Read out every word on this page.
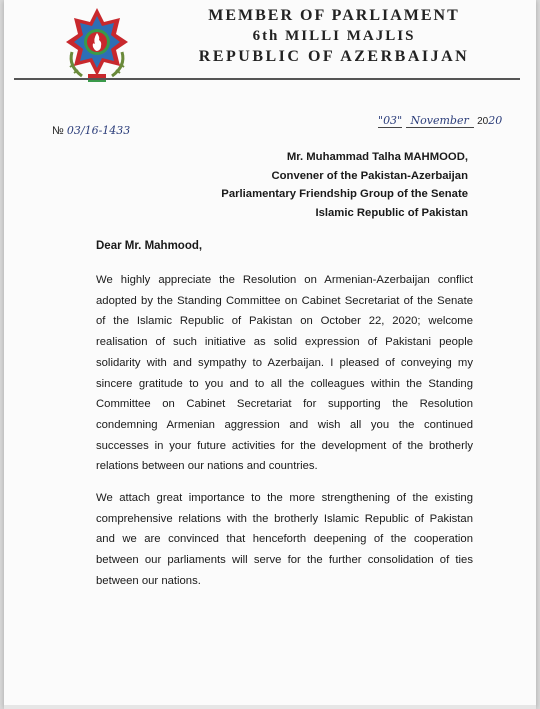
MEMBER OF PARLIAMENT
6th MILLI MAJLIS
REPUBLIC OF AZERBAIJAN
№ 03/16-1433
"03" November 2020
Mr. Muhammad Talha MAHMOOD,
Convener of the Pakistan-Azerbaijan
Parliamentary Friendship Group of the Senate
Islamic Republic of Pakistan
Dear Mr. Mahmood,

We highly appreciate the Resolution on Armenian-Azerbaijan conflict adopted by the Standing Committee on Cabinet Secretariat of the Senate of the Islamic Republic of Pakistan on October 22, 2020; welcome realisation of such initiative as solid expression of Pakistani people solidarity with and sympathy to Azerbaijan. I pleased of conveying my sincere gratitude to you and to all the colleagues within the Standing Committee on Cabinet Secretariat for supporting the Resolution condemning Armenian aggression and wish all you the continued successes in your future activities for the development of the brotherly relations between our nations and countries.

We attach great importance to the more strengthening of the existing comprehensive relations with the brotherly Islamic Republic of Pakistan and we are convinced that henceforth deepening of the cooperation between our parliaments will serve for the further consolidation of ties between our nations.
